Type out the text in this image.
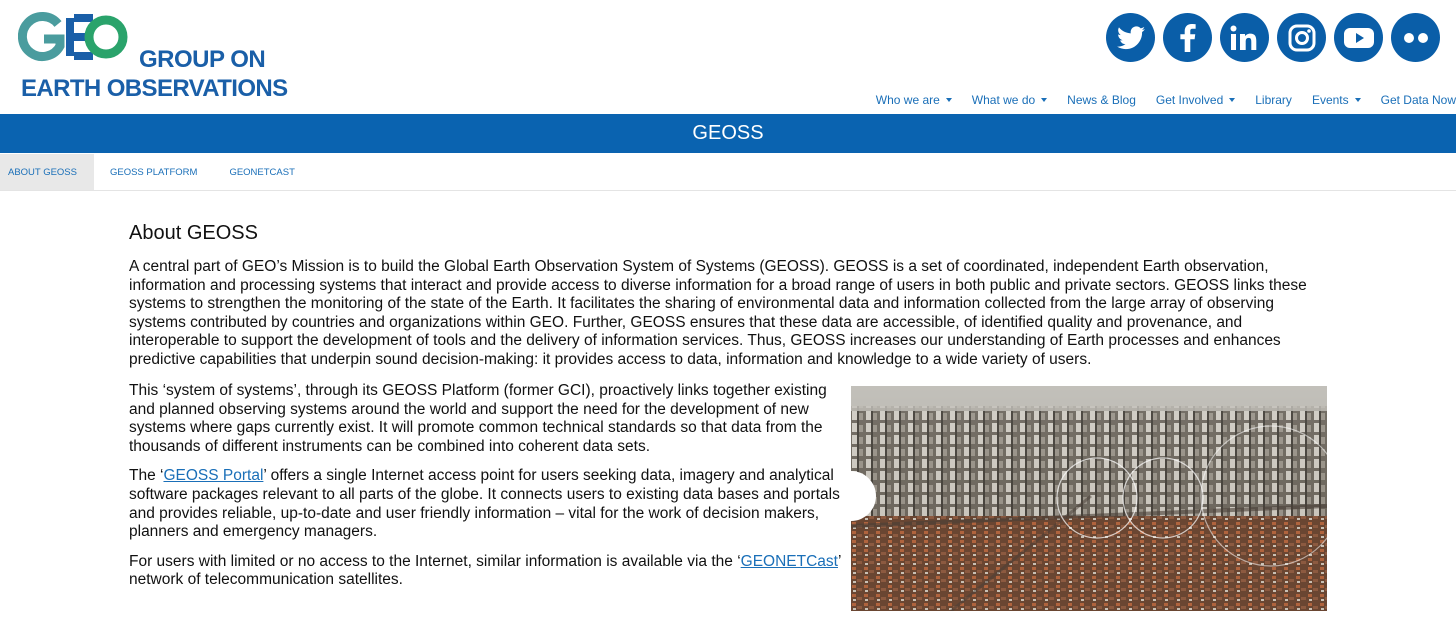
GROUP ON
EARTH OBSERVATIONS	Who we are	What we do	News & Blog Get Involved	Library Events	Get Data Now
GEOSS
ABOUT GEOSS	GEOSS PLATFORM	GEONETCAST
About GEOSS

A central part of GEO’s Mission is to build the Global Earth Observation System of Systems (GEOSS). GEOSS is a set of coordinated, independent Earth observation, information and processing systems that interact and provide access to diverse information for a broad range of users in both public and private sectors. GEOSS links these systems to strengthen the monitoring of the state of the Earth. It facilitates the sharing of environmental data and information collected from the large array of observing systems contributed by countries and organizations within GEO. Further, GEOSS ensures that these data are accessible, of identified quality and provenance, and interoperable to support the development of tools and the delivery of information services. Thus, GEOSS increases our understanding of Earth processes and enhances predictive capabilities that underpin sound decision-making: it provides access to data, information and knowledge to a wide variety of users.

This ‘system of systems’, through its GEOSS Platform (former GCI), proactively links together existing and planned observing systems around the world and support the need for the development of new systems where gaps currently exist. It will promote common technical standards so that data from the thousands of different instruments can be combined into coherent data sets.

The ‘GEOSS Portal’ offers a single Internet access point for users seeking data, imagery and analytical software packages relevant to all parts of the globe. It connects users to existing data bases and portals and provides reliable, up-to-date and user friendly information – vital for the work of decision makers, planners and emergency managers.

For users with limited or no access to the Internet, similar information is available via the ‘GEONETCast’ network of telecommunication satellites.
